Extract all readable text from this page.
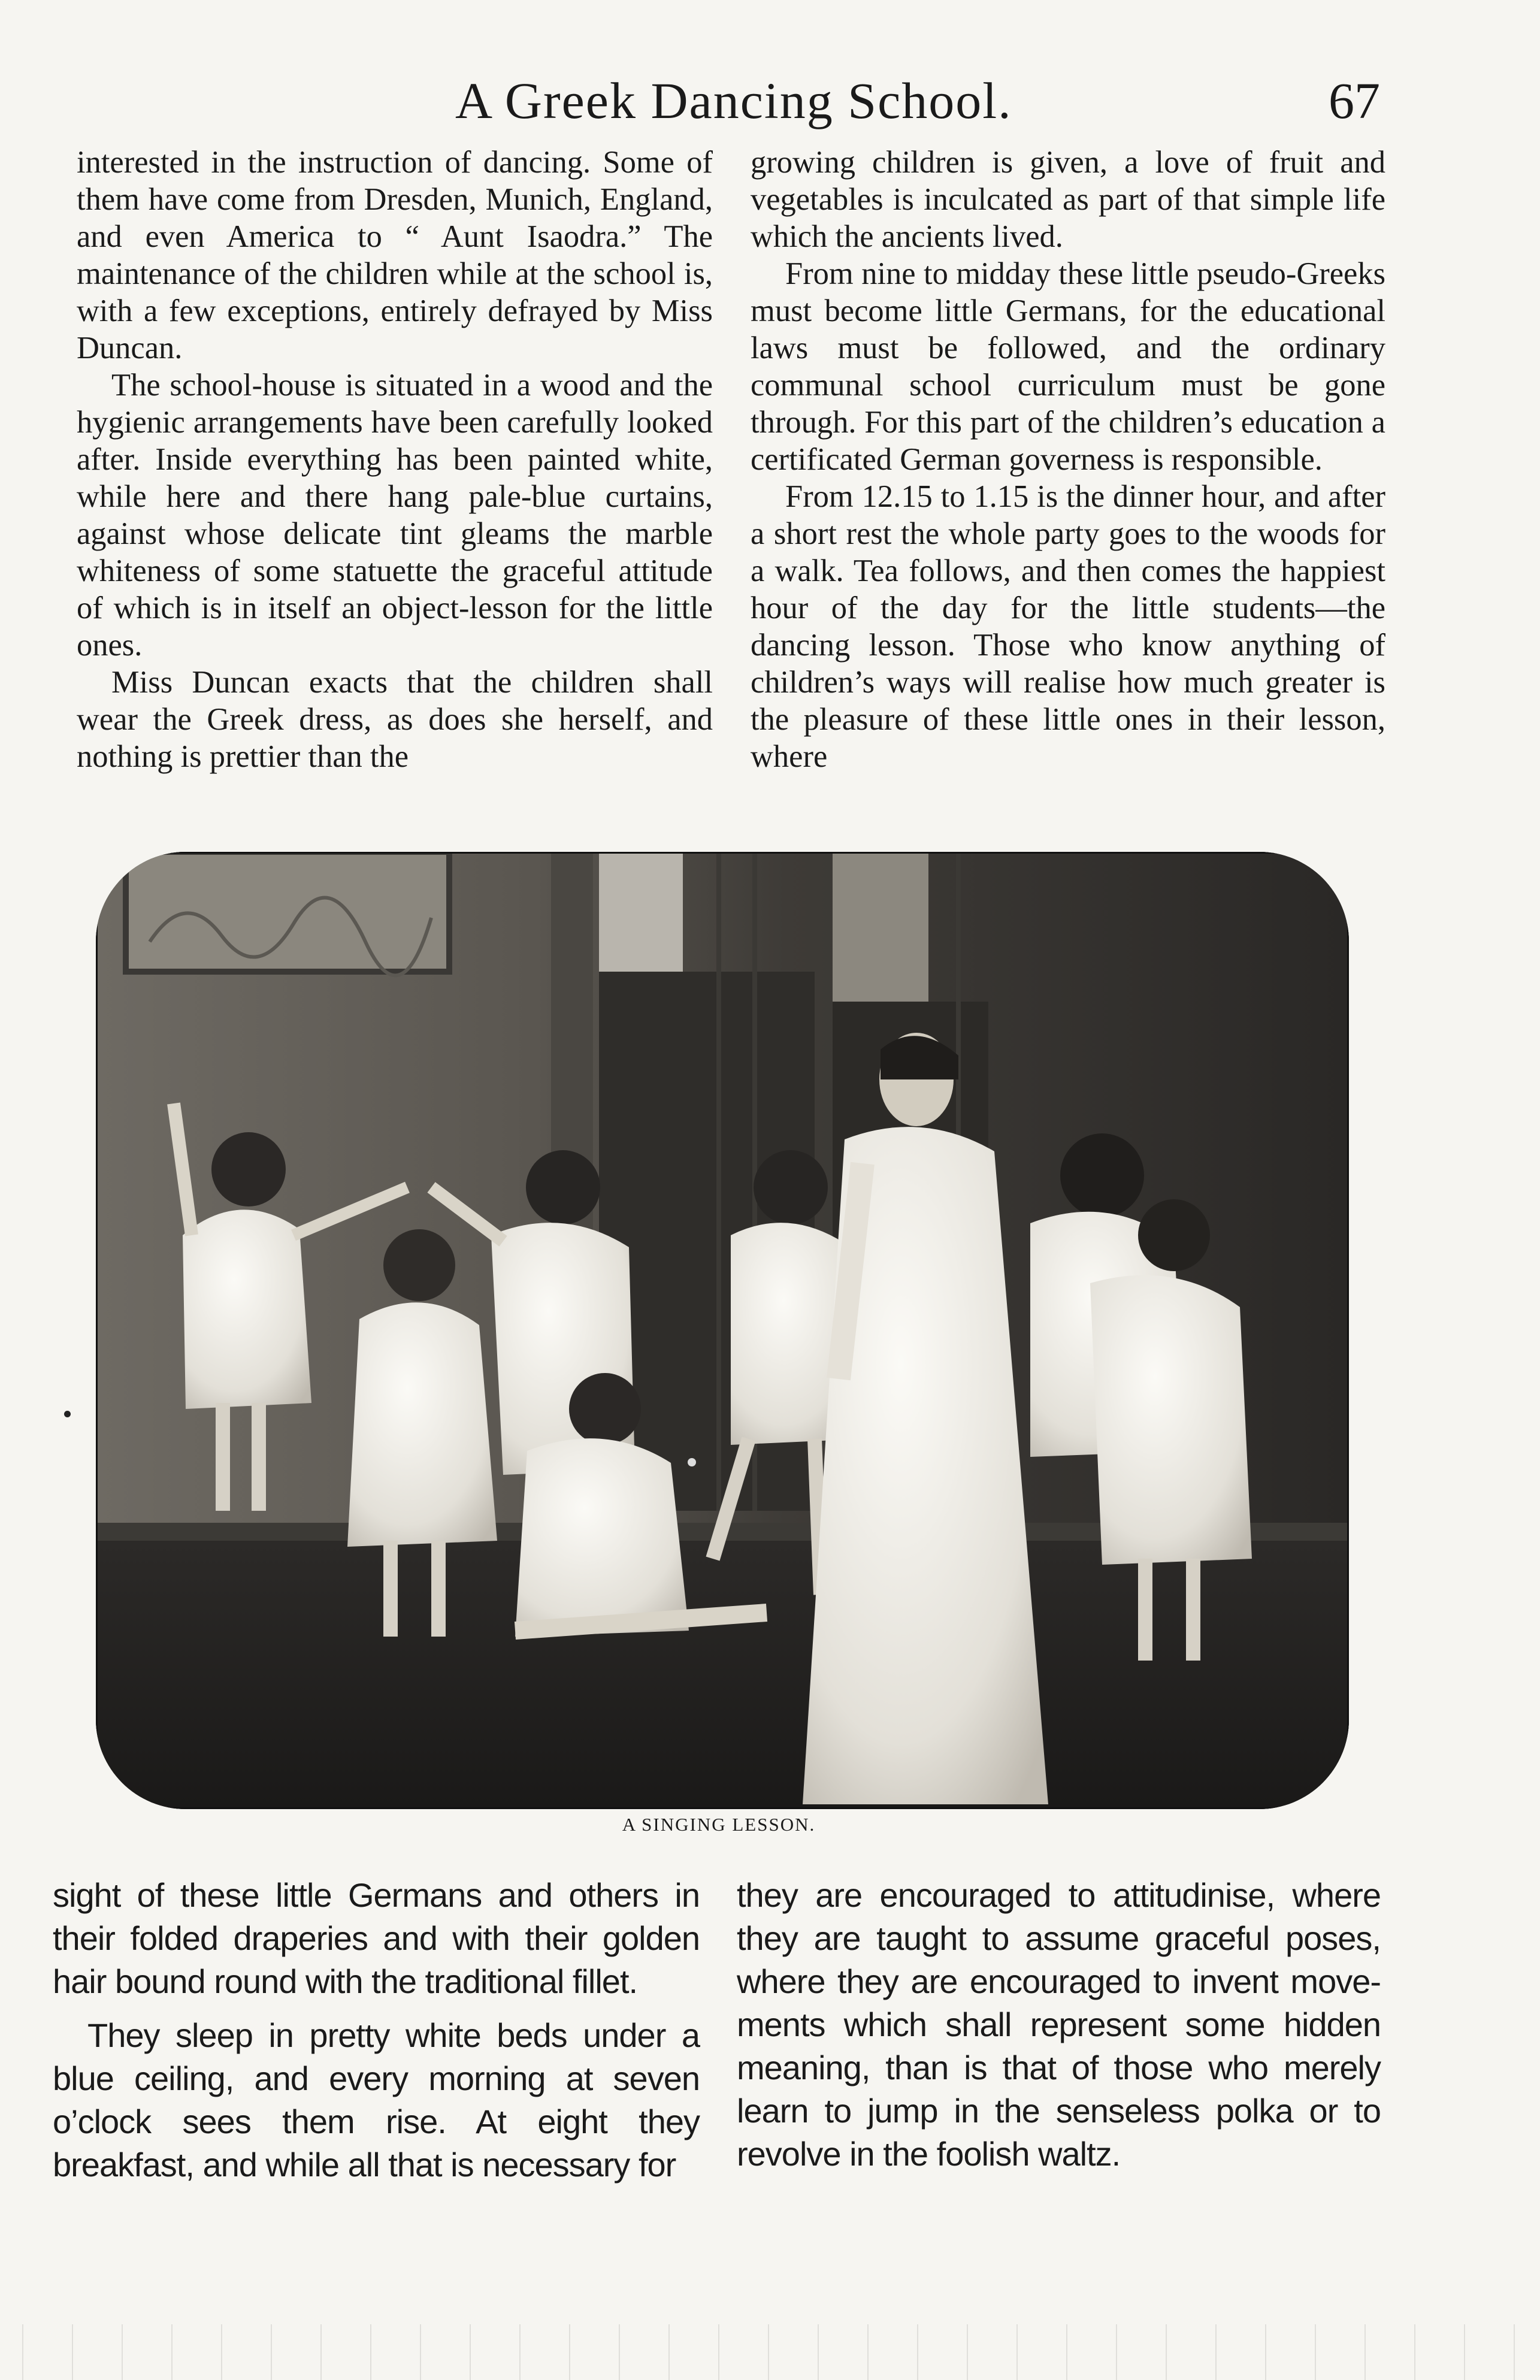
A Greek Dancing School.	67

interested in the instruction of dancing. Some of them have come from Dresden, Munich, England, and even America to “ Aunt Isaodra.” The maintenance of the children while at the school is, with a few exceptions, entirely defrayed by Miss Duncan.

The school-house is situated in a wood and the hygienic arrangements have been carefully looked after. Inside everything has been painted white, while here and there hang pale-blue curtains, against whose delicate tint gleams the marble whiteness of some statuette the graceful attitude of which is in itself an object-lesson for the little ones.

Miss Duncan exacts that the children shall wear the Greek dress, as does she herself, and nothing is prettier than the

growing children is given, a love of fruit and vegetables is inculcated as part of that simple life which the ancients lived.

From nine to midday these little pseudo-Greeks must become little Germans, for the educational laws must be followed, and the ordinary communal school curriculum must be gone through. For this part of the children’s education a certificated German governess is responsible.

From 12.15 to 1.15 is the dinner hour, and after a short rest the whole party goes to the woods for a walk. Tea follows, and then comes the happiest hour of the day for the little students—the dancing lesson. Those who know anything of children’s ways will realise how much greater is the pleasure of these little ones in their lesson, where

A SINGING LESSON.

sight of these little Germans and others in their folded draperies and with their golden hair bound round with the traditional fillet.

They sleep in pretty white beds under a blue ceiling, and every morning at seven o’clock sees them rise. At eight they breakfast, and while all that is necessary for

they are encouraged to attitudinise, where they are taught to assume graceful poses, where they are encouraged to invent move-ments which shall represent some hidden meaning, than is that of those who merely learn to jump in the senseless polka or to revolve in the foolish waltz.
